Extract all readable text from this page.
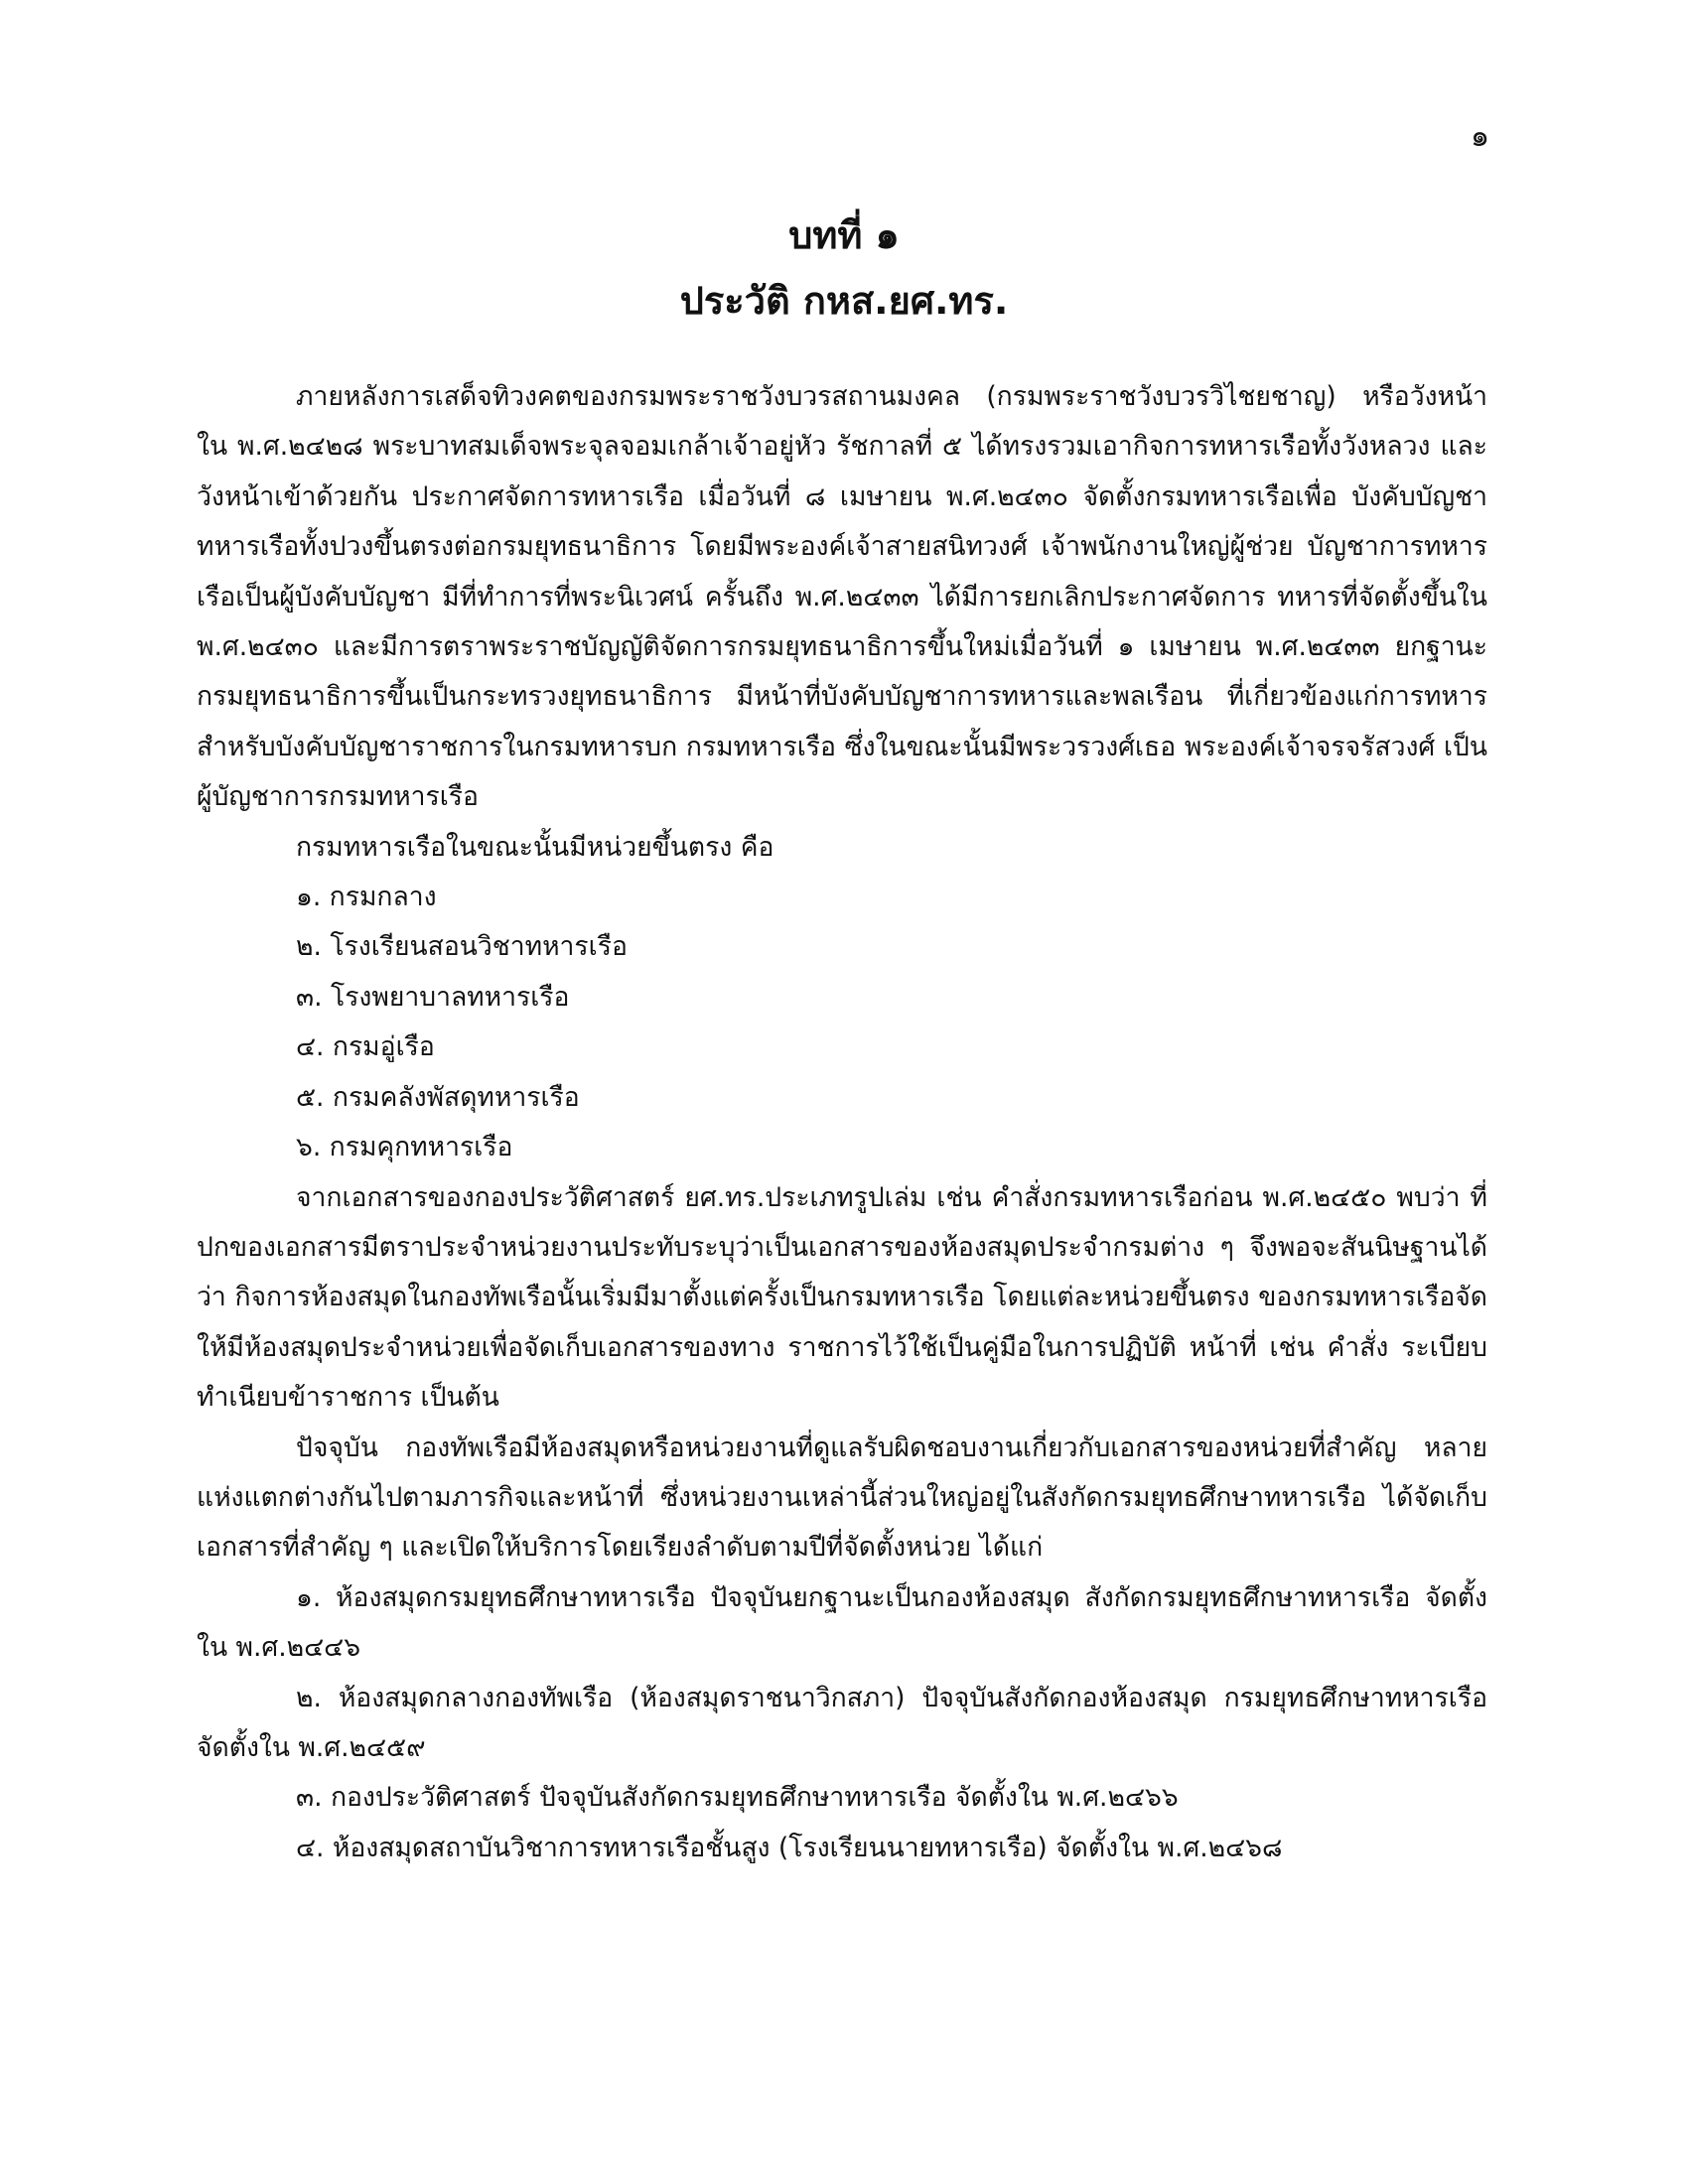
๑
บทที่ ๑
ประวัติ กหส.ยศ.ทร.

ภายหลังการเสด็จทิวงคตของกรมพระราชวังบวรสถานมงคล (กรมพระราชวังบวรวิไชยชาญ) หรือวังหน้า ใน พ.ศ.๒๔๒๘ พระบาทสมเด็จพระจุลจอมเกล้าเจ้าอยู่หัว รัชกาลที่ ๕ ได้ทรงรวมเอากิจการทหารเรือทั้งวังหลวง และวังหน้าเข้าด้วยกัน ประกาศจัดการทหารเรือ เมื่อวันที่ ๘ เมษายน พ.ศ.๒๔๓๐ จัดตั้งกรมทหารเรือเพื่อ บังคับบัญชาทหารเรือทั้งปวงขึ้นตรงต่อกรมยุทธนาธิการ โดยมีพระองค์เจ้าสายสนิทวงศ์ เจ้าพนักงานใหญ่ผู้ช่วย บัญชาการทหารเรือเป็นผู้บังคับบัญชา มีที่ทำการที่พระนิเวศน์ ครั้นถึง พ.ศ.๒๔๓๓ ได้มีการยกเลิกประกาศจัดการ ทหารที่จัดตั้งขึ้นใน พ.ศ.๒๔๓๐ และมีการตราพระราชบัญญัติจัดการกรมยุทธนาธิการขึ้นใหม่เมื่อวันที่ ๑ เมษายน พ.ศ.๒๔๓๓ ยกฐานะกรมยุทธนาธิการขึ้นเป็นกระทรวงยุทธนาธิการ มีหน้าที่บังคับบัญชาการทหารและพลเรือน ที่เกี่ยวข้องแก่การทหาร สำหรับบังคับบัญชาราชการในกรมทหารบก กรมทหารเรือ ซึ่งในขณะนั้นมีพระวรวงศ์เธอ พระองค์เจ้าจรจรัสวงศ์ เป็นผู้บัญชาการกรมทหารเรือ

กรมทหารเรือในขณะนั้นมีหน่วยขึ้นตรง คือ

๑. กรมกลาง

๒. โรงเรียนสอนวิชาทหารเรือ

๓. โรงพยาบาลทหารเรือ

๔. กรมอู่เรือ

๕. กรมคลังพัสดุทหารเรือ

๖. กรมคุกทหารเรือ

จากเอกสารของกองประวัติศาสตร์ ยศ.ทร.ประเภทรูปเล่ม เช่น คำสั่งกรมทหารเรือก่อน พ.ศ.๒๔๕๐ พบว่า ที่ปกของเอกสารมีตราประจำหน่วยงานประทับระบุว่าเป็นเอกสารของห้องสมุดประจำกรมต่าง ๆ จึงพอจะสันนิษฐานได้ว่า กิจการห้องสมุดในกองทัพเรือนั้นเริ่มมีมาตั้งแต่ครั้งเป็นกรมทหารเรือ โดยแต่ละหน่วยขึ้นตรง ของกรมทหารเรือจัดให้มีห้องสมุดประจำหน่วยเพื่อจัดเก็บเอกสารของทาง ราชการไว้ใช้เป็นคู่มือในการปฏิบัติ หน้าที่ เช่น คำสั่ง ระเบียบ ทำเนียบข้าราชการ เป็นต้น

ปัจจุบัน กองทัพเรือมีห้องสมุดหรือหน่วยงานที่ดูแลรับผิดชอบงานเกี่ยวกับเอกสารของหน่วยที่สำคัญ หลายแห่งแตกต่างกันไปตามภารกิจและหน้าที่ ซึ่งหน่วยงานเหล่านี้ส่วนใหญ่อยู่ในสังกัดกรมยุทธศึกษาทหารเรือ ได้จัดเก็บเอกสารที่สำคัญ ๆ และเปิดให้บริการโดยเรียงลำดับตามปีที่จัดตั้งหน่วย ได้แก่

๑. ห้องสมุดกรมยุทธศึกษาทหารเรือ ปัจจุบันยกฐานะเป็นกองห้องสมุด สังกัดกรมยุทธศึกษาทหารเรือ จัดตั้งใน พ.ศ.๒๔๔๖

๒. ห้องสมุดกลางกองทัพเรือ (ห้องสมุดราชนาวิกสภา) ปัจจุบันสังกัดกองห้องสมุด กรมยุทธศึกษาทหารเรือ จัดตั้งใน พ.ศ.๒๔๕๙

๓. กองประวัติศาสตร์ ปัจจุบันสังกัดกรมยุทธศึกษาทหารเรือ จัดตั้งใน พ.ศ.๒๔๖๖

๔. ห้องสมุดสถาบันวิชาการทหารเรือชั้นสูง (โรงเรียนนายทหารเรือ) จัดตั้งใน พ.ศ.๒๔๖๘
